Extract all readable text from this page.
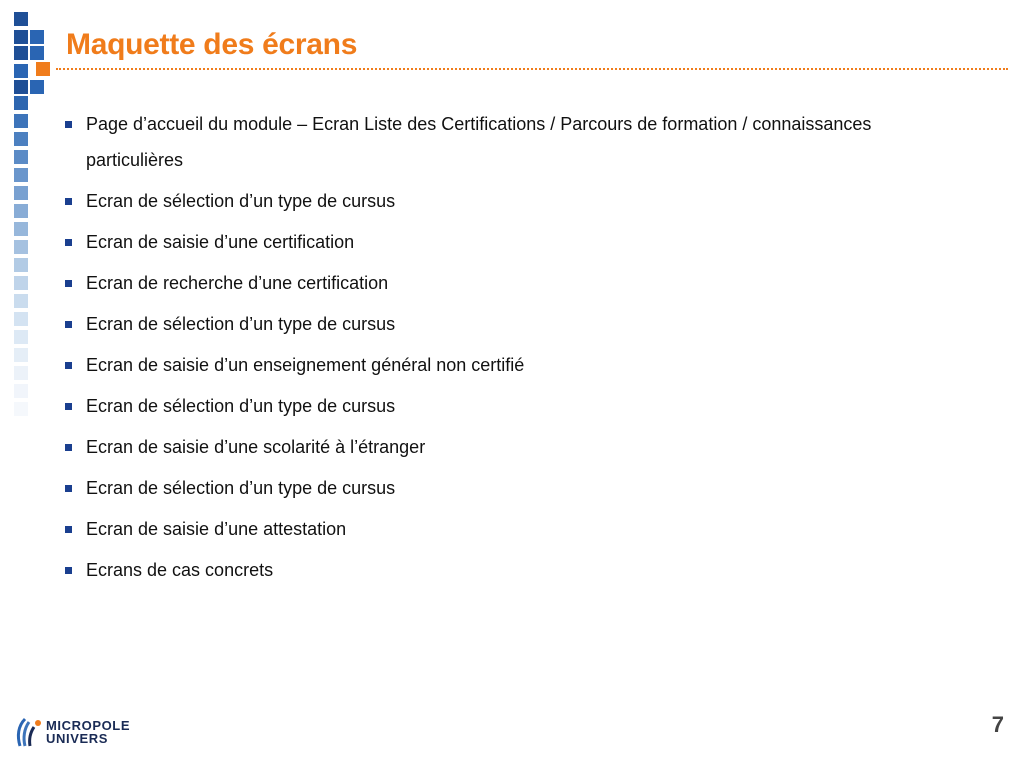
Maquette des écrans
Page d’accueil du module – Ecran Liste des Certifications / Parcours de formation / connaissances particulières
Ecran de sélection d’un type de cursus
Ecran de saisie d’une certification
Ecran de recherche d’une certification
Ecran de sélection d’un type de cursus
Ecran de saisie d’un enseignement général non certifié
Ecran de sélection d’un type de cursus
Ecran de saisie d’une scolarité à l’étranger
Ecran de sélection d’un type de cursus
Ecran de saisie d’une attestation
Ecrans de cas concrets
MICROPOLE
UNIVERS
7
